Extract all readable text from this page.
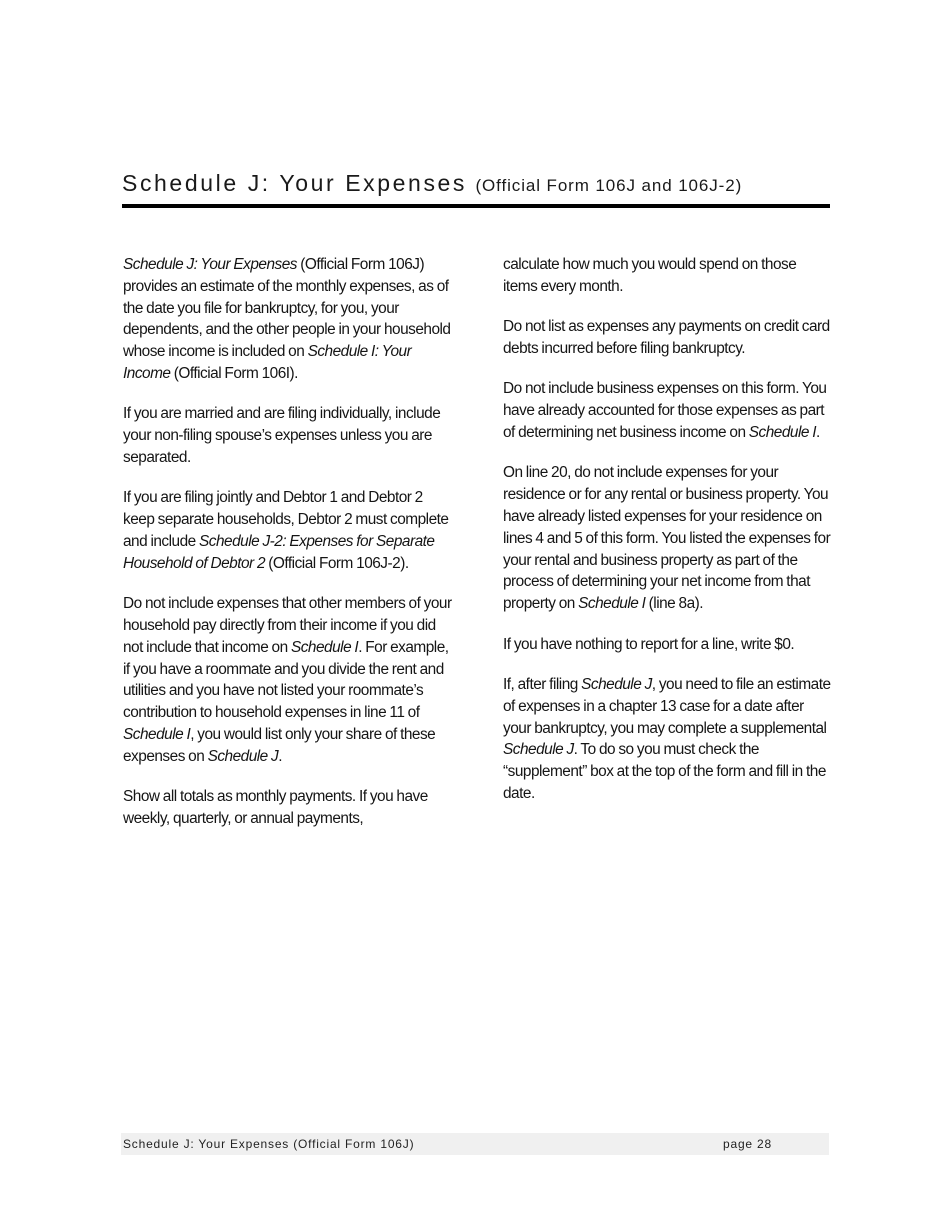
Schedule J: Your Expenses (Official Form 106J and 106J-2)

Schedule J: Your Expenses (Official Form 106J) provides an estimate of the monthly expenses, as of the date you file for bankruptcy, for you, your dependents, and the other people in your household whose income is included on Schedule I: Your Income (Official Form 106I).

If you are married and are filing individually, include your non-filing spouse’s expenses unless you are separated.

If you are filing jointly and Debtor 1 and Debtor 2 keep separate households, Debtor 2 must complete and include Schedule J-2: Expenses for Separate Household of Debtor 2 (Official Form 106J-2).

Do not include expenses that other members of your household pay directly from their income if you did not include that income on Schedule I. For example, if you have a roommate and you divide the rent and utilities and you have not listed your roommate’s contribution to household expenses in line 11 of Schedule I, you would list only your share of these expenses on Schedule J.

Show all totals as monthly payments. If you have weekly, quarterly, or annual payments,

calculate how much you would spend on those items every month.

Do not list as expenses any payments on credit card debts incurred before filing bankruptcy.

Do not include business expenses on this form. You have already accounted for those expenses as part of determining net business income on Schedule I.

On line 20, do not include expenses for your residence or for any rental or business property. You have already listed expenses for your residence on lines 4 and 5 of this form. You listed the expenses for your rental and business property as part of the process of determining your net income from that property on Schedule I (line 8a).

If you have nothing to report for a line, write $0.

If, after filing Schedule J, you need to file an estimate of expenses in a chapter 13 case for a date after your bankruptcy, you may complete a supplemental Schedule J. To do so you must check the “supplement” box at the top of the form and fill in the date.

Schedule J: Your Expenses (Official Form 106J)	page 28
